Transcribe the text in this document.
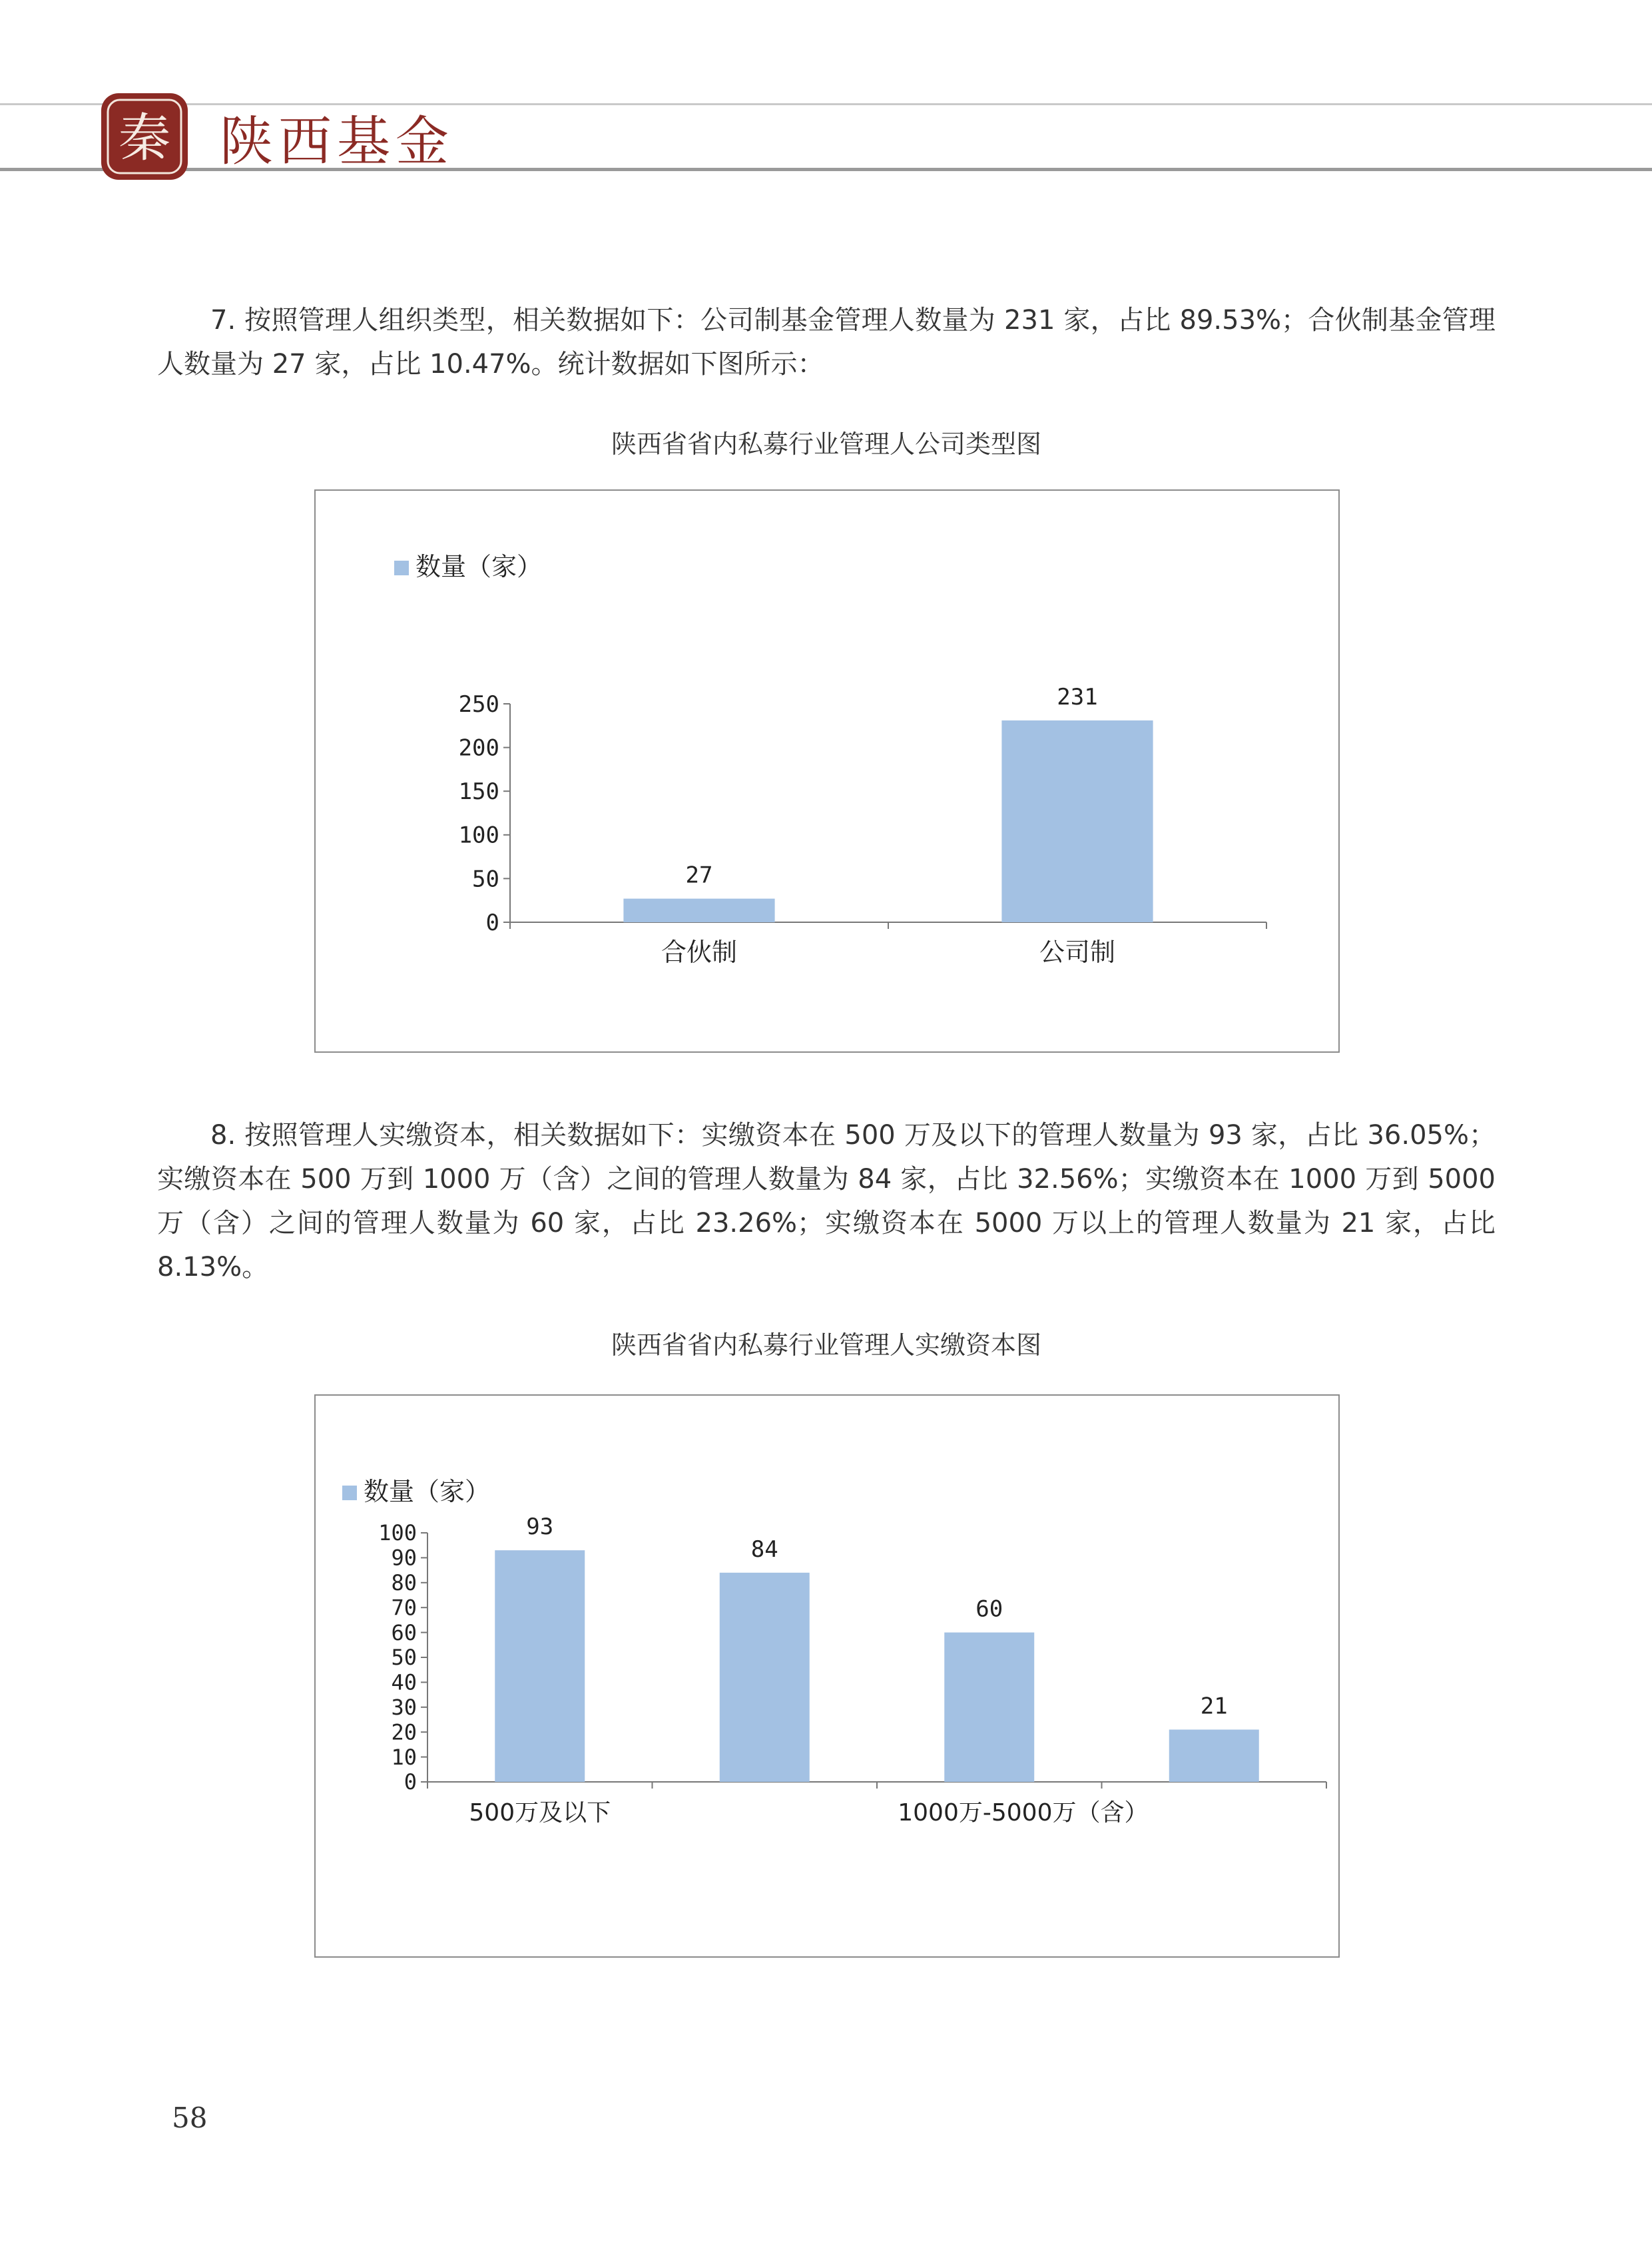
秦 陕西基金

7. 按照管理人组织类型，相关数据如下：公司制基金管理人数量为 231 家，占比 89.53%；合伙制基金管理人数量为 27 家，占比 10.47%。统计数据如下图所示：

陕西省省内私募行业管理人公司类型图
数量（家）
0
50
100
150
200
250
27
231
合伙制	公司制

8. 按照管理人实缴资本，相关数据如下：实缴资本在 500 万及以下的管理人数量为 93 家，占比 36.05%；实缴资本在 500 万到 1000 万（含）之间的管理人数量为 84 家，占比 32.56%；实缴资本在 1000 万到 5000 万（含）之间的管理人数量为 60 家，占比 23.26%；实缴资本在 5000 万以上的管理人数量为 21 家，占比 8.13%。

陕西省省内私募行业管理人实缴资本图
数量（家）
0
10
20
30
40
50
60
70
80
90
100	93
84
60
21
500万及以下	1000万-5000万（含）
58
